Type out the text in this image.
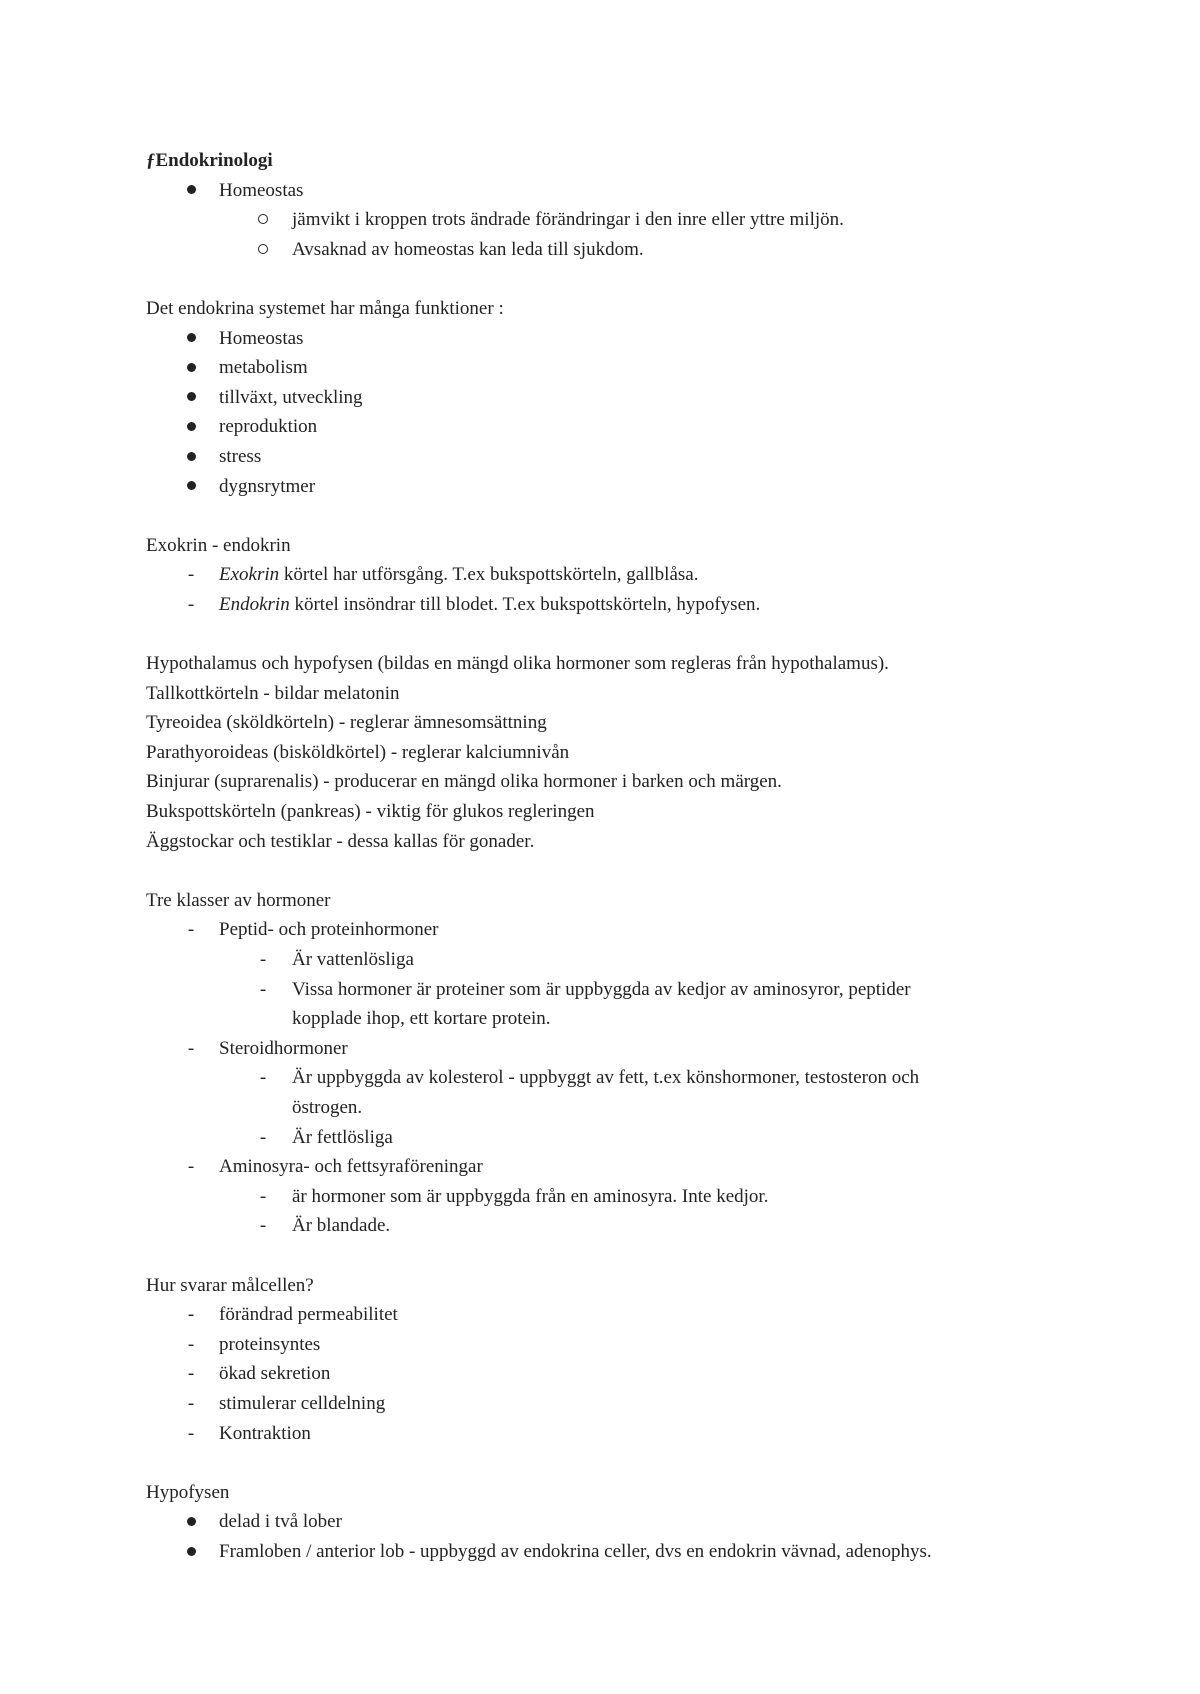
ƒEndokrinologi
Homeostas
jämvikt i kroppen trots ändrade förändringar i den inre eller yttre miljön.
Avsaknad av homeostas kan leda till sjukdom.
Det endokrina systemet har många funktioner :
Homeostas
metabolism
tillväxt, utveckling
reproduktion
stress
dygnsrytmer
Exokrin - endokrin
-
Exokrin körtel har utförsgång. T.ex bukspottskörteln, gallblåsa.
-
Endokrin körtel insöndrar till blodet. T.ex bukspottskörteln, hypofysen.
Hypothalamus och hypofysen (bildas en mängd olika hormoner som regleras från hypothalamus).
Tallkottkörteln - bildar melatonin
Tyreoidea (sköldkörteln) - reglerar ämnesomsättning
Parathyoroideas (bisköldkörtel) - reglerar kalciumnivån
Binjurar (suprarenalis) - producerar en mängd olika hormoner i barken och märgen.
Bukspottskörteln (pankreas) - viktig för glukos regleringen
Äggstockar och testiklar - dessa kallas för gonader.
Tre klasser av hormoner
-
Peptid- och proteinhormoner
-
Är vattenlösliga
-
Vissa hormoner är proteiner som är uppbyggda av kedjor av aminosyror, peptider
kopplade ihop, ett kortare protein.
-
Steroidhormoner
-
Är uppbyggda av kolesterol - uppbyggt av fett, t.ex könshormoner, testosteron och
östrogen.
-
Är fettlösliga
-
Aminosyra- och fettsyraföreningar
-
är hormoner som är uppbyggda från en aminosyra. Inte kedjor.
-
Är blandade.
Hur svarar målcellen?
-
förändrad permeabilitet
-
proteinsyntes
-
ökad sekretion
-
stimulerar celldelning
-
Kontraktion
Hypofysen
delad i två lober
Framloben / anterior lob - uppbyggd av endokrina celler, dvs en endokrin vävnad, adenophys.
